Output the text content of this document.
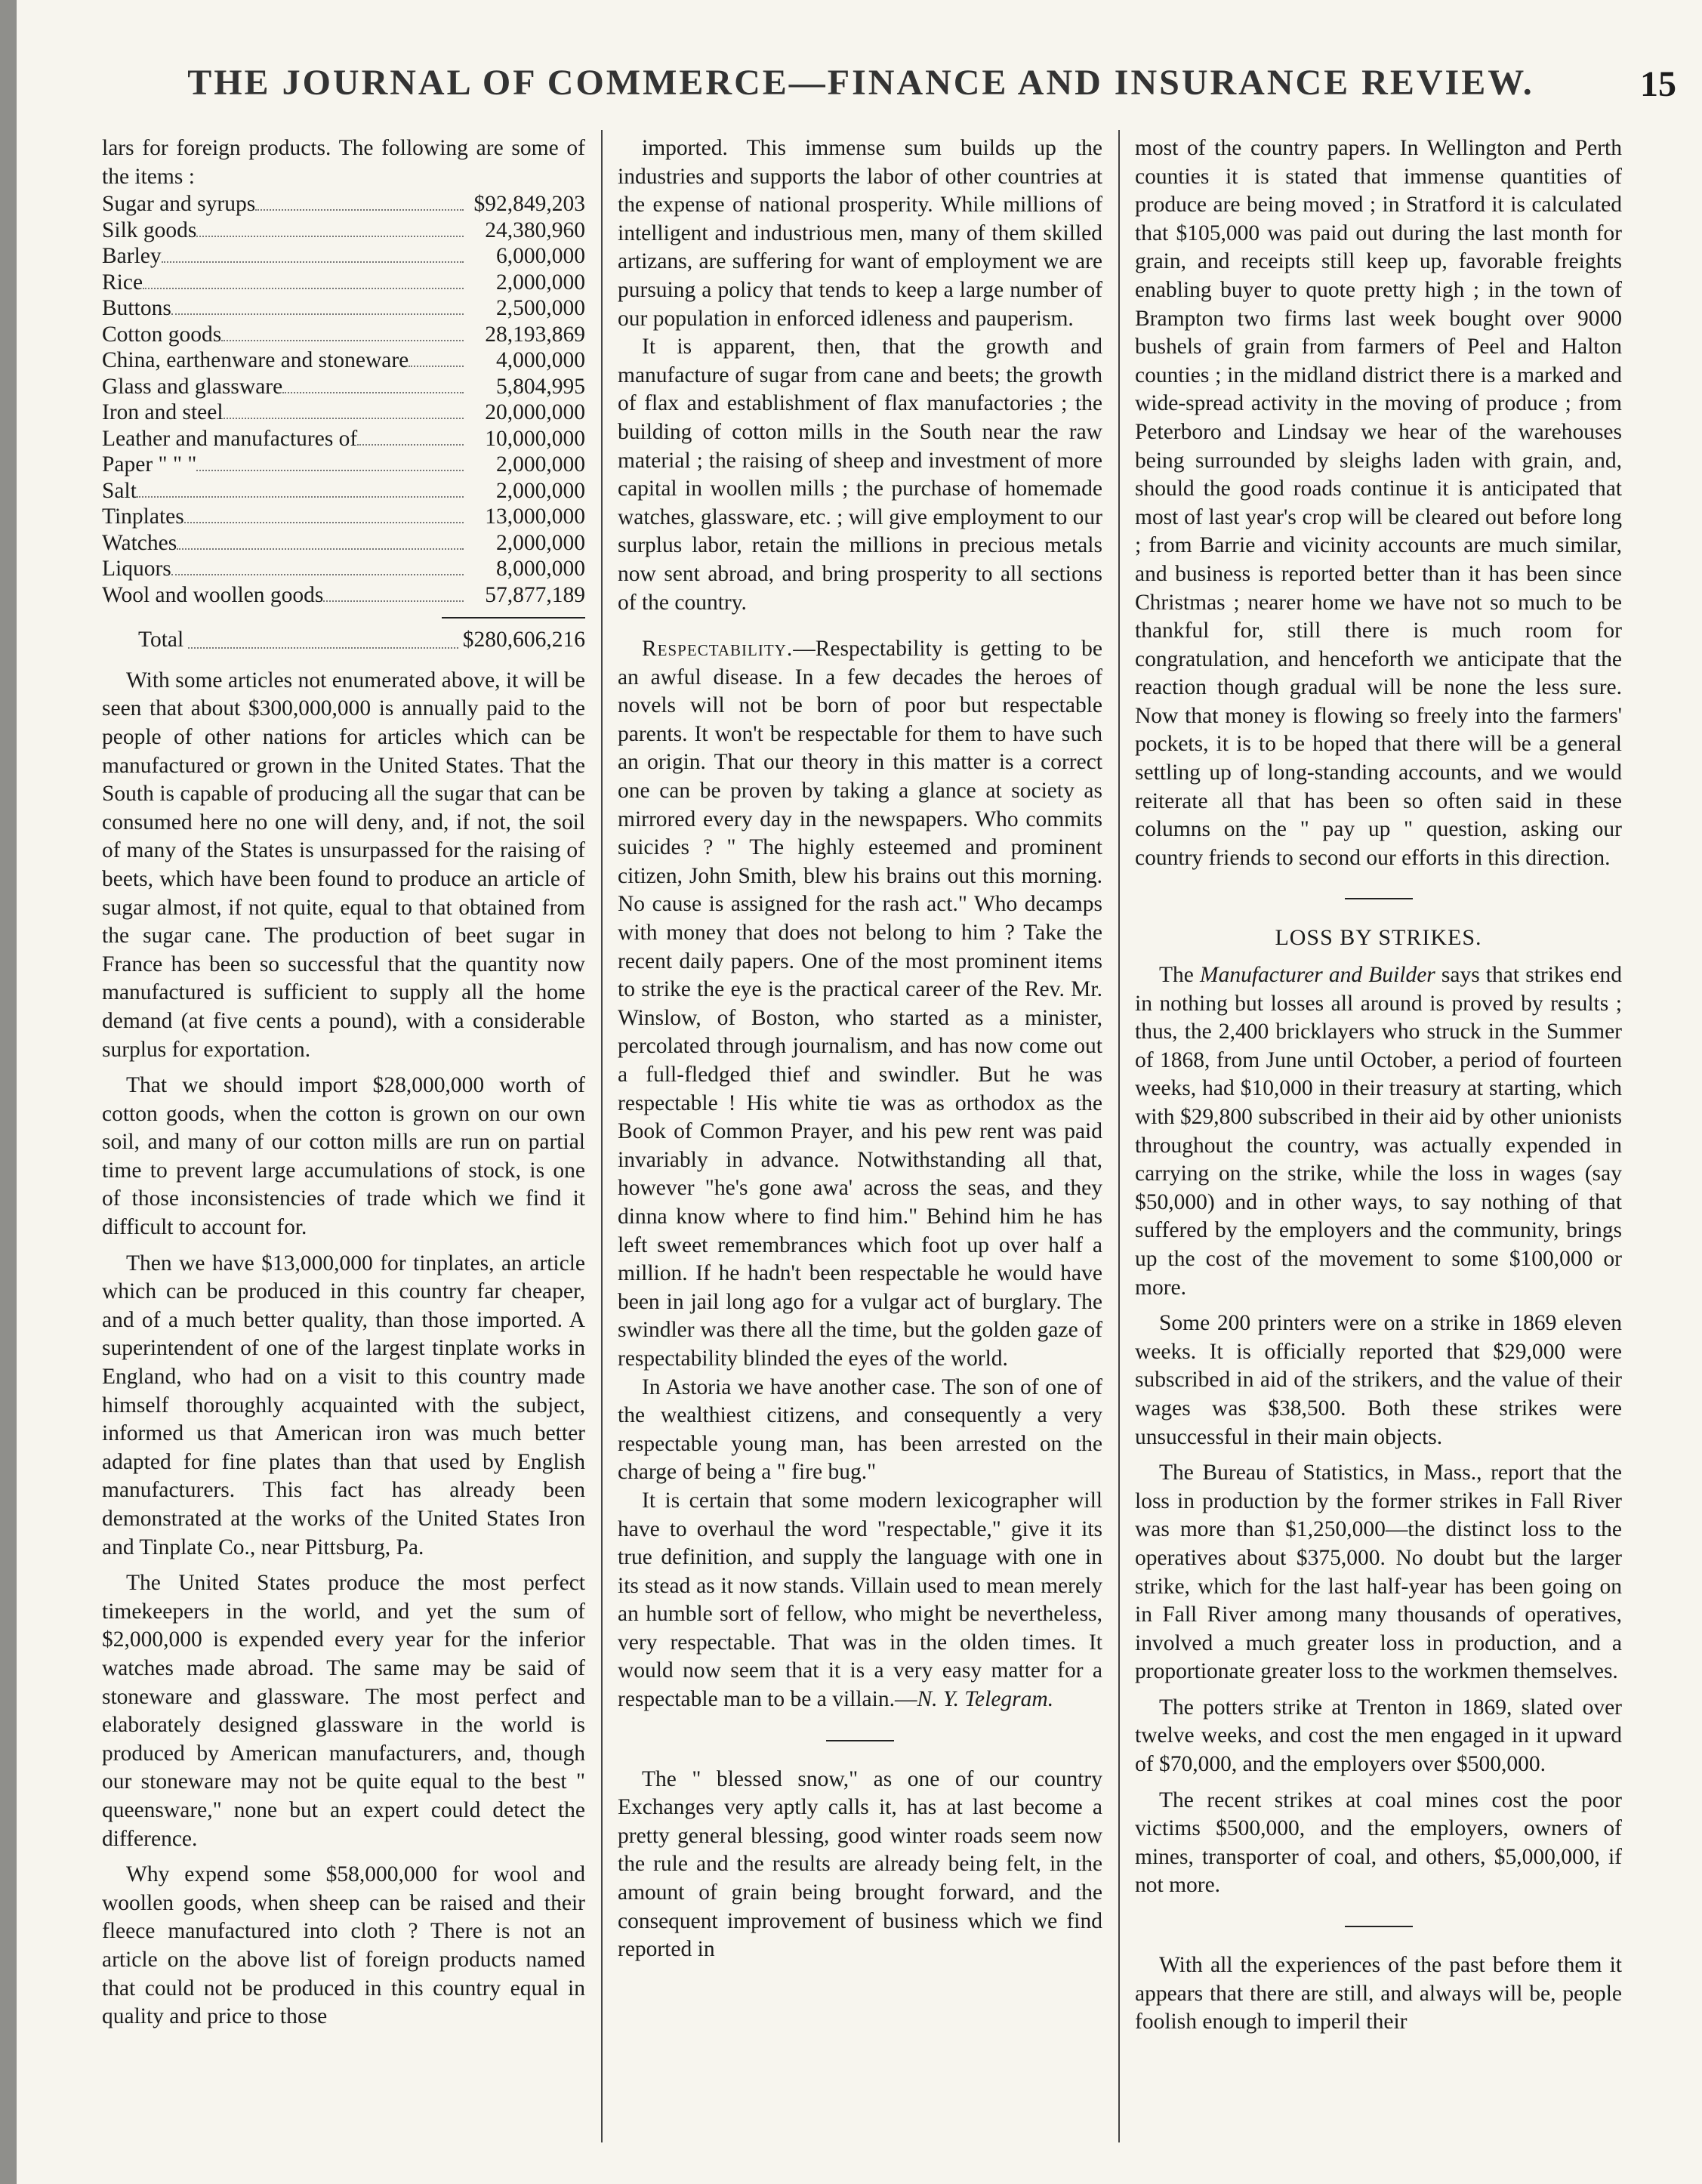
THE JOURNAL OF COMMERCE—FINANCE AND INSURANCE REVIEW.	15

lars for foreign products. The following are some of the items :

Sugar and syrups	$92,849,203
Silk goods	24,380,960
Barley	6,000,000
Rice	2,000,000
Buttons	2,500,000
Cotton goods	28,193,869
China, earthenware and stoneware	4,000,000
Glass and glassware	5,804,995
Iron and steel	20,000,000
Leather and manufactures of	10,000,000
Paper " " "	2,000,000
Salt	2,000,000
Tinplates	13,000,000
Watches	2,000,000
Liquors	8,000,000
Wool and woollen goods	57,877,189
Total	$280,606,216

With some articles not enumerated above, it will be seen that about $300,000,000 is annually paid to the people of other nations for articles which can be manufactured or grown in the United States. That the South is capable of producing all the sugar that can be consumed here no one will deny, and, if not, the soil of many of the States is unsurpassed for the raising of beets, which have been found to produce an article of sugar almost, if not quite, equal to that obtained from the sugar cane. The production of beet sugar in France has been so successful that the quantity now manufactured is sufficient to supply all the home demand (at five cents a pound), with a considerable surplus for exportation.

That we should import $28,000,000 worth of cotton goods, when the cotton is grown on our own soil, and many of our cotton mills are run on partial time to prevent large accumulations of stock, is one of those inconsistencies of trade which we find it difficult to account for.

Then we have $13,000,000 for tinplates, an article which can be produced in this country far cheaper, and of a much better quality, than those imported. A superintendent of one of the largest tinplate works in England, who had on a visit to this country made himself thoroughly acquainted with the subject, informed us that American iron was much better adapted for fine plates than that used by English manufacturers. This fact has already been demonstrated at the works of the United States Iron and Tinplate Co., near Pittsburg, Pa.

The United States produce the most perfect timekeepers in the world, and yet the sum of $2,000,000 is expended every year for the inferior watches made abroad. The same may be said of stoneware and glassware. The most perfect and elaborately designed glassware in the world is produced by American manufacturers, and, though our stoneware may not be quite equal to the best " queensware," none but an expert could detect the difference.

Why expend some $58,000,000 for wool and woollen goods, when sheep can be raised and their fleece manufactured into cloth ? There is not an article on the above list of foreign products named that could not be produced in this country equal in quality and price to those

imported. This immense sum builds up the industries and supports the labor of other countries at the expense of national prosperity. While millions of intelligent and industrious men, many of them skilled artizans, are suffering for want of employment we are pursuing a policy that tends to keep a large number of our population in enforced idleness and pauperism.

It is apparent, then, that the growth and manufacture of sugar from cane and beets; the growth of flax and establishment of flax manufactories ; the building of cotton mills in the South near the raw material ; the raising of sheep and investment of more capital in woollen mills ; the purchase of homemade watches, glassware, etc. ; will give employment to our surplus labor, retain the millions in precious metals now sent abroad, and bring prosperity to all sections of the country.

Respectability.—Respectability is getting to be an awful disease. In a few decades the heroes of novels will not be born of poor but respectable parents. It won't be respectable for them to have such an origin. That our theory in this matter is a correct one can be proven by taking a glance at society as mirrored every day in the newspapers. Who commits suicides ? " The highly esteemed and prominent citizen, John Smith, blew his brains out this morning. No cause is assigned for the rash act." Who decamps with money that does not belong to him ? Take the recent daily papers. One of the most prominent items to strike the eye is the practical career of the Rev. Mr. Winslow, of Boston, who started as a minister, percolated through journalism, and has now come out a full-fledged thief and swindler. But he was respectable ! His white tie was as orthodox as the Book of Common Prayer, and his pew rent was paid invariably in advance. Notwithstanding all that, however "he's gone awa' across the seas, and they dinna know where to find him." Behind him he has left sweet remembrances which foot up over half a million. If he hadn't been respectable he would have been in jail long ago for a vulgar act of burglary. The swindler was there all the time, but the golden gaze of respectability blinded the eyes of the world.

In Astoria we have another case. The son of one of the wealthiest citizens, and consequently a very respectable young man, has been arrested on the charge of being a " fire bug."

It is certain that some modern lexicographer will have to overhaul the word "respectable," give it its true definition, and supply the language with one in its stead as it now stands. Villain used to mean merely an humble sort of fellow, who might be nevertheless, very respectable. That was in the olden times. It would now seem that it is a very easy matter for a respectable man to be a villain.—N. Y. Telegram.

The " blessed snow," as one of our country Exchanges very aptly calls it, has at last become a pretty general blessing, good winter roads seem now the rule and the results are already being felt, in the amount of grain being brought forward, and the consequent improvement of business which we find reported in

most of the country papers. In Wellington and Perth counties it is stated that immense quantities of produce are being moved ; in Stratford it is calculated that $105,000 was paid out during the last month for grain, and receipts still keep up, favorable freights enabling buyer to quote pretty high ; in the town of Brampton two firms last week bought over 9000 bushels of grain from farmers of Peel and Halton counties ; in the midland district there is a marked and wide-spread activity in the moving of produce ; from Peterboro and Lindsay we hear of the warehouses being surrounded by sleighs laden with grain, and, should the good roads continue it is anticipated that most of last year's crop will be cleared out before long ; from Barrie and vicinity accounts are much similar, and business is reported better than it has been since Christmas ; nearer home we have not so much to be thankful for, still there is much room for congratulation, and henceforth we anticipate that the reaction though gradual will be none the less sure. Now that money is flowing so freely into the farmers' pockets, it is to be hoped that there will be a general settling up of long-standing accounts, and we would reiterate all that has been so often said in these columns on the " pay up " question, asking our country friends to second our efforts in this direction.

LOSS BY STRIKES.

The Manufacturer and Builder says that strikes end in nothing but losses all around is proved by results ; thus, the 2,400 bricklayers who struck in the Summer of 1868, from June until October, a period of fourteen weeks, had $10,000 in their treasury at starting, which with $29,800 subscribed in their aid by other unionists throughout the country, was actually expended in carrying on the strike, while the loss in wages (say $50,000) and in other ways, to say nothing of that suffered by the employers and the community, brings up the cost of the movement to some $100,000 or more.

Some 200 printers were on a strike in 1869 eleven weeks. It is officially reported that $29,000 were subscribed in aid of the strikers, and the value of their wages was $38,500. Both these strikes were unsuccessful in their main objects.

The Bureau of Statistics, in Mass., report that the loss in production by the former strikes in Fall River was more than $1,250,000—the distinct loss to the operatives about $375,000. No doubt but the larger strike, which for the last half-year has been going on in Fall River among many thousands of operatives, involved a much greater loss in production, and a proportionate greater loss to the workmen themselves.

The potters strike at Trenton in 1869, slated over twelve weeks, and cost the men engaged in it upward of $70,000, and the employers over $500,000.

The recent strikes at coal mines cost the poor victims $500,000, and the employers, owners of mines, transporter of coal, and others, $5,000,000, if not more.

With all the experiences of the past before them it appears that there are still, and always will be, people foolish enough to imperil their
